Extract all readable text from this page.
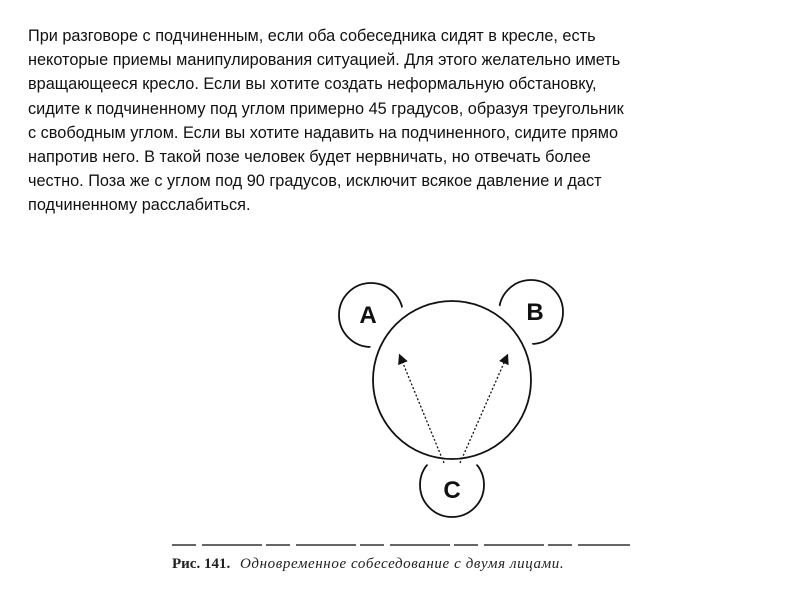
При разговоре с подчиненным, если оба собеседника сидят в кресле, есть
некоторые приемы манипулирования ситуацией. Для этого желательно иметь
вращающееся кресло. Если вы хотите создать неформальную обстановку,
сидите к подчиненному под углом примерно 45 градусов, образуя треугольник
с свободным углом. Если вы хотите надавить на подчиненного, сидите прямо
напротив него. В такой позе человек будет нервничать, но отвечать более
честно. Поза же с углом под 90 градусов, исключит всякое давление и даст
подчиненному расслабиться.
A	B
C
Рис. 141. Одновременное собеседование с двумя лицами.
